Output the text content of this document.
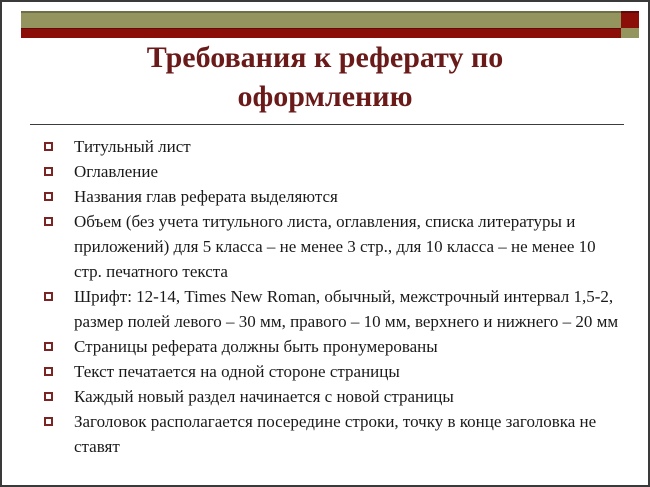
Требования к реферату по оформлению
Титульный лист
Оглавление
Названия глав реферата выделяются
Объем (без учета титульного листа, оглавления, списка литературы и приложений) для 5 класса – не менее 3 стр., для 10 класса – не менее 10 стр. печатного текста
Шрифт: 12-14, Times New Roman, обычный, межстрочный интервал 1,5-2, размер полей левого – 30 мм, правого – 10 мм, верхнего и нижнего – 20 мм
Страницы реферата должны быть пронумерованы
Текст печатается на одной стороне страницы
Каждый новый раздел начинается с новой страницы
Заголовок располагается посередине строки, точку в конце заголовка не ставят
